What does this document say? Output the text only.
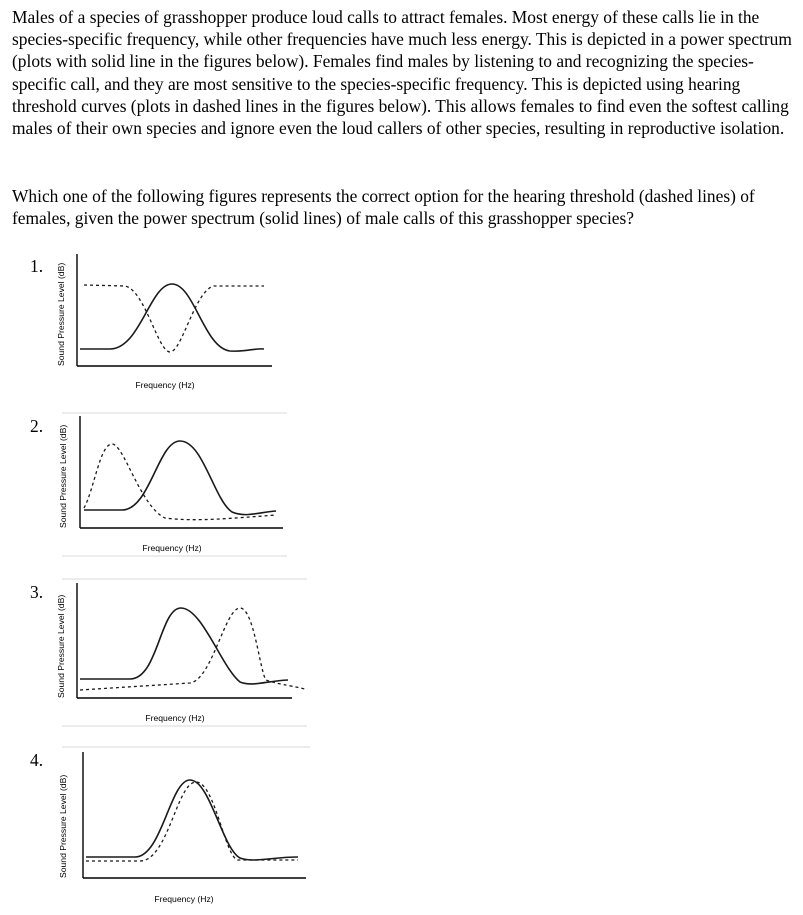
Males of a species of grasshopper produce loud calls to attract females. Most energy of these calls lie in the species-specific frequency, while other frequencies have much less energy. This is depicted in a power spectrum (plots with solid line in the figures below). Females find males by listening to and recognizing the species-specific call, and they are most sensitive to the species-specific frequency. This is depicted using hearing threshold curves (plots in dashed lines in the figures below). This allows females to find even the softest calling males of their own species and ignore even the loud callers of other species, resulting in reproductive isolation.

Which one of the following figures represents the correct option for the hearing threshold (dashed lines) of females, given the power spectrum (solid lines) of male calls of this grasshopper species?

1.
2.
3.
4.
Sound Pressure Level (dB)
Frequency (Hz)
Sound Pressure Level (dB)
Frequency (Hz)
Sound Pressure Level (dB)
Frequency (Hz)
Sound Pressure Level (dB)
Frequency (Hz)
